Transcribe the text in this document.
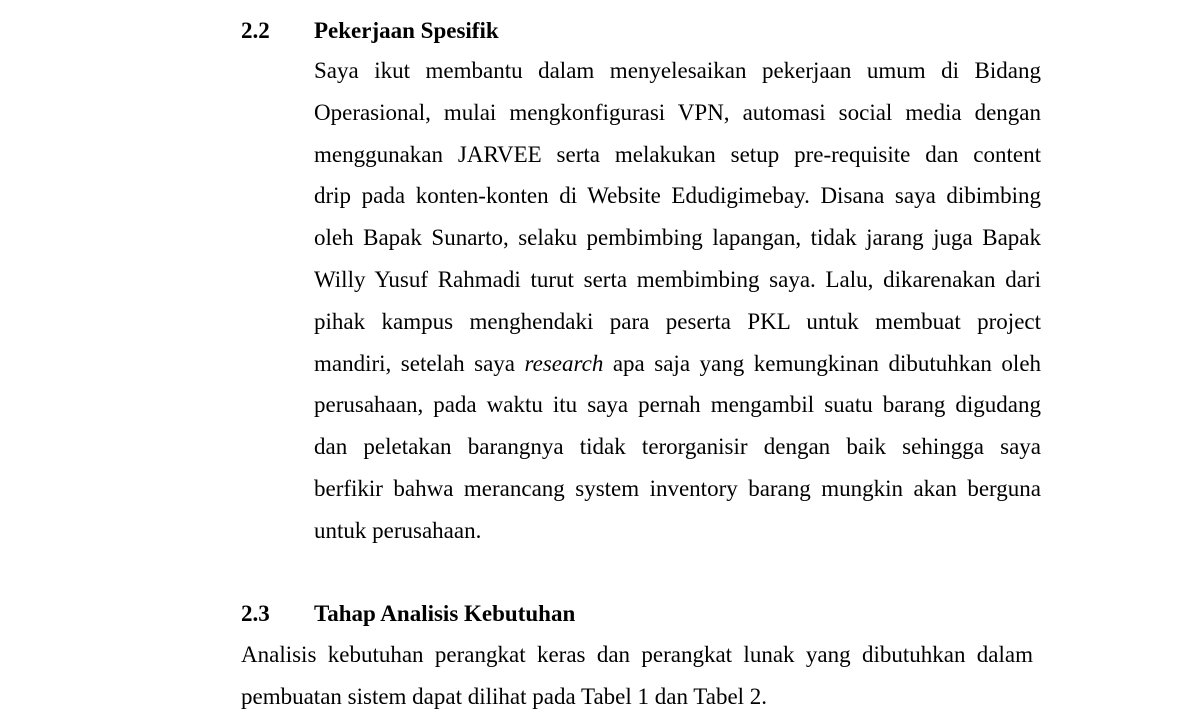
2.2 Pekerjaan Spesifik
Saya ikut membantu dalam menyelesaikan pekerjaan umum di Bidang
Operasional, mulai mengkonfigurasi VPN, automasi social media dengan
menggunakan JARVEE serta melakukan setup pre-requisite dan content
drip pada konten-konten di Website Edudigimebay. Disana saya dibimbing
oleh Bapak Sunarto, selaku pembimbing lapangan, tidak jarang juga Bapak
Willy Yusuf Rahmadi turut serta membimbing saya. Lalu, dikarenakan dari
pihak kampus menghendaki para peserta PKL untuk membuat project
mandiri, setelah saya research apa saja yang kemungkinan dibutuhkan oleh
perusahaan, pada waktu itu saya pernah mengambil suatu barang digudang
dan peletakan barangnya tidak terorganisir dengan baik sehingga saya
berfikir bahwa merancang system inventory barang mungkin akan berguna
untuk perusahaan.
2.3 Tahap Analisis Kebutuhan
Analisis kebutuhan perangkat keras dan perangkat lunak yang dibutuhkan dalam
pembuatan sistem dapat dilihat pada Tabel 1 dan Tabel 2.
